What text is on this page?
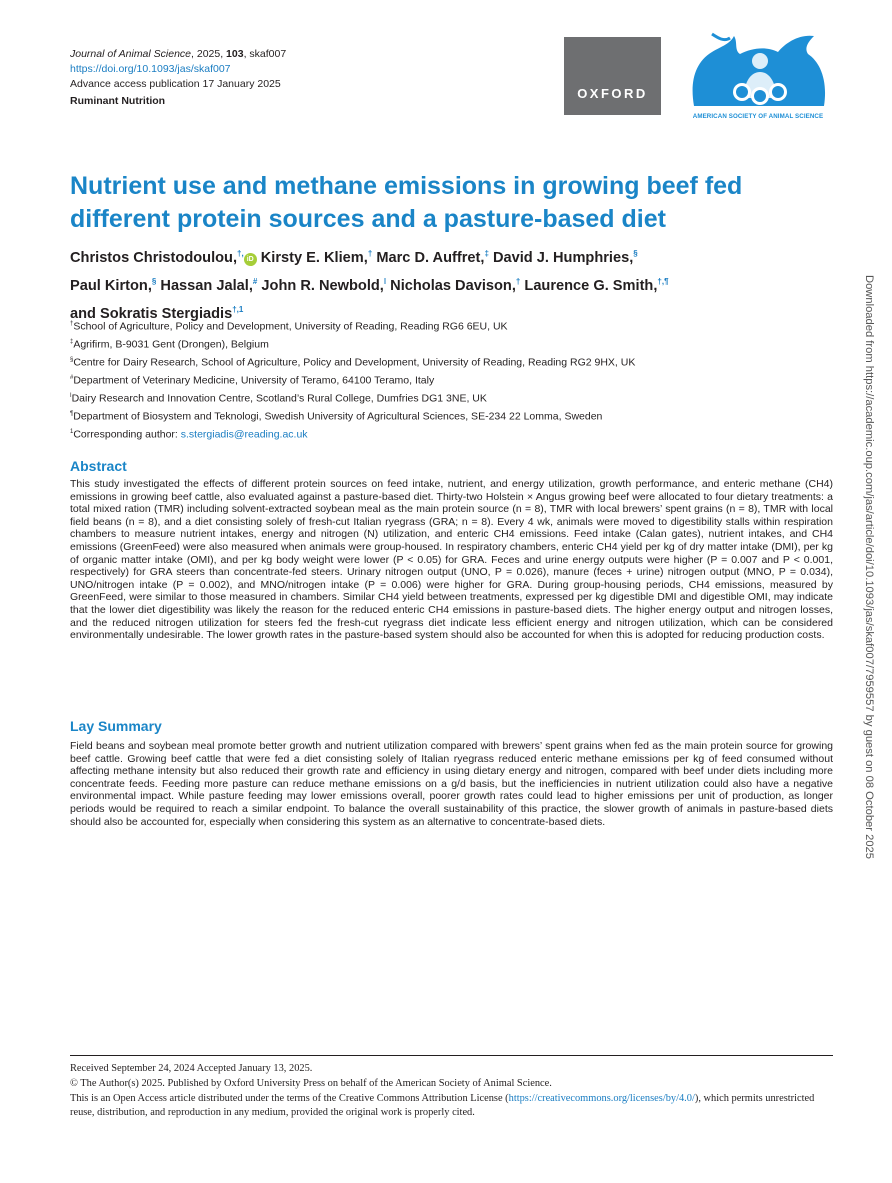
Journal of Animal Science, 2025, 103, skaf007
https://doi.org/10.1093/jas/skaf007
Advance access publication 17 January 2025
Ruminant Nutrition	OXFORD
AMERICAN SOCIETY OF ANIMAL SCIENCE
Nutrient use and methane emissions in growing beef fed different protein sources and a pasture-based diet
Christos Christodoulou,†,iD Kirsty E. Kliem,† Marc D. Auffret,‡ David J. Humphries,§
Paul Kirton,§ Hassan Jalal,# John R. Newbold,$^ǀ$ Nicholas Davison,† Laurence G. Smith,†,¶
and Sokratis Stergiadis$^{\dagger,1}$
†School of Agriculture, Policy and Development, University of Reading, Reading RG6 6EU, UK
‡Agrifirm, B-9031 Gent (Drongen), Belgium
§Centre for Dairy Research, School of Agriculture, Policy and Development, University of Reading, Reading RG2 9HX, UK
#Department of Veterinary Medicine, University of Teramo, 64100 Teramo, Italy
$^ǀ$Dairy Research and Innovation Centre, Scotland’s Rural College, Dumfries DG1 3NE, UK
¶Department of Biosystem and Teknologi, Swedish University of Agricultural Sciences, SE-234 22 Lomma, Sweden
$^1$Corresponding author: s.stergiadis@reading.ac.uk
Abstract
This study investigated the effects of different protein sources on feed intake, nutrient, and energy utilization, growth performance, and enteric methane (CH4) emissions in growing beef cattle, also evaluated against a pasture-based diet. Thirty-two Holstein × Angus growing beef were allocated to four dietary treatments: a total mixed ration (TMR) including solvent-extracted soybean meal as the main protein source (n = 8), TMR with local brewers’ spent grains (n = 8), TMR with local field beans (n = 8), and a diet consisting solely of fresh-cut Italian ryegrass (GRA; n = 8). Every 4 wk, animals were moved to digestibility stalls within respiration chambers to measure nutrient intakes, energy and nitrogen (N) utilization, and enteric CH4 emissions. Feed intake (Calan gates), nutrient intakes, and CH4 emissions (GreenFeed) were also measured when animals were group-housed. In respiratory chambers, enteric CH4 yield per kg of dry matter intake (DMI), per kg of organic matter intake (OMI), and per kg body weight were lower (P < 0.05) for GRA. Feces and urine energy outputs were higher (P = 0.007 and P < 0.001, respectively) for GRA steers than concentrate-fed steers. Urinary nitrogen output (UNO, P = 0.026), manure (feces + urine) nitrogen output (MNO, P = 0.034), UNO/nitrogen intake (P = 0.002), and MNO/nitrogen intake (P = 0.006) were higher for GRA. During group-housing periods, CH4 emissions, measured by GreenFeed, were similar to those measured in chambers. Similar CH4 yield between treatments, expressed per kg digestible DMI and digestible OMI, may indicate that the lower diet digestibility was likely the reason for the reduced enteric CH4 emissions in pasture-based diets. The higher energy output and nitrogen losses, and the reduced nitrogen utilization for steers fed the fresh-cut ryegrass diet indicate less efficient energy and nitrogen utilization, which can be considered environmentally undesirable. The lower growth rates in the pasture-based system should also be accounted for when this is adopted for reducing production costs.
Lay Summary
Field beans and soybean meal promote better growth and nutrient utilization compared with brewers’ spent grains when fed as the main protein source for growing beef cattle. Growing beef cattle that were fed a diet consisting solely of Italian ryegrass reduced enteric methane emissions per kg of feed consumed without affecting methane intensity but also reduced their growth rate and efficiency in using dietary energy and nitrogen, compared with beef under diets including more concentrate feeds. Feeding more pasture can reduce methane emissions on a g/d basis, but the inefficiencies in nutrient utilization could also have a negative environmental impact. While pasture feeding may lower emissions overall, poorer growth rates could lead to higher emissions per unit of production, as longer periods would be required to reach a similar endpoint. To balance the overall sustainability of this practice, the slower growth of animals in pasture-based diets should also be accounted for, especially when considering this system as an alternative to concentrate-based diets.
Received September 24, 2024 Accepted January 13, 2025.
© The Author(s) 2025. Published by Oxford University Press on behalf of the American Society of Animal Science.
This is an Open Access article distributed under the terms of the Creative Commons Attribution License (https://creativecommons.org/licenses/by/4.0/), which permits unrestricted reuse, distribution, and reproduction in any medium, provided the original work is properly cited.
Downloaded from https://academic.oup.com/jas/article/doi/10.1093/jas/skaf007/7959557 by guest on 08 October 2025
